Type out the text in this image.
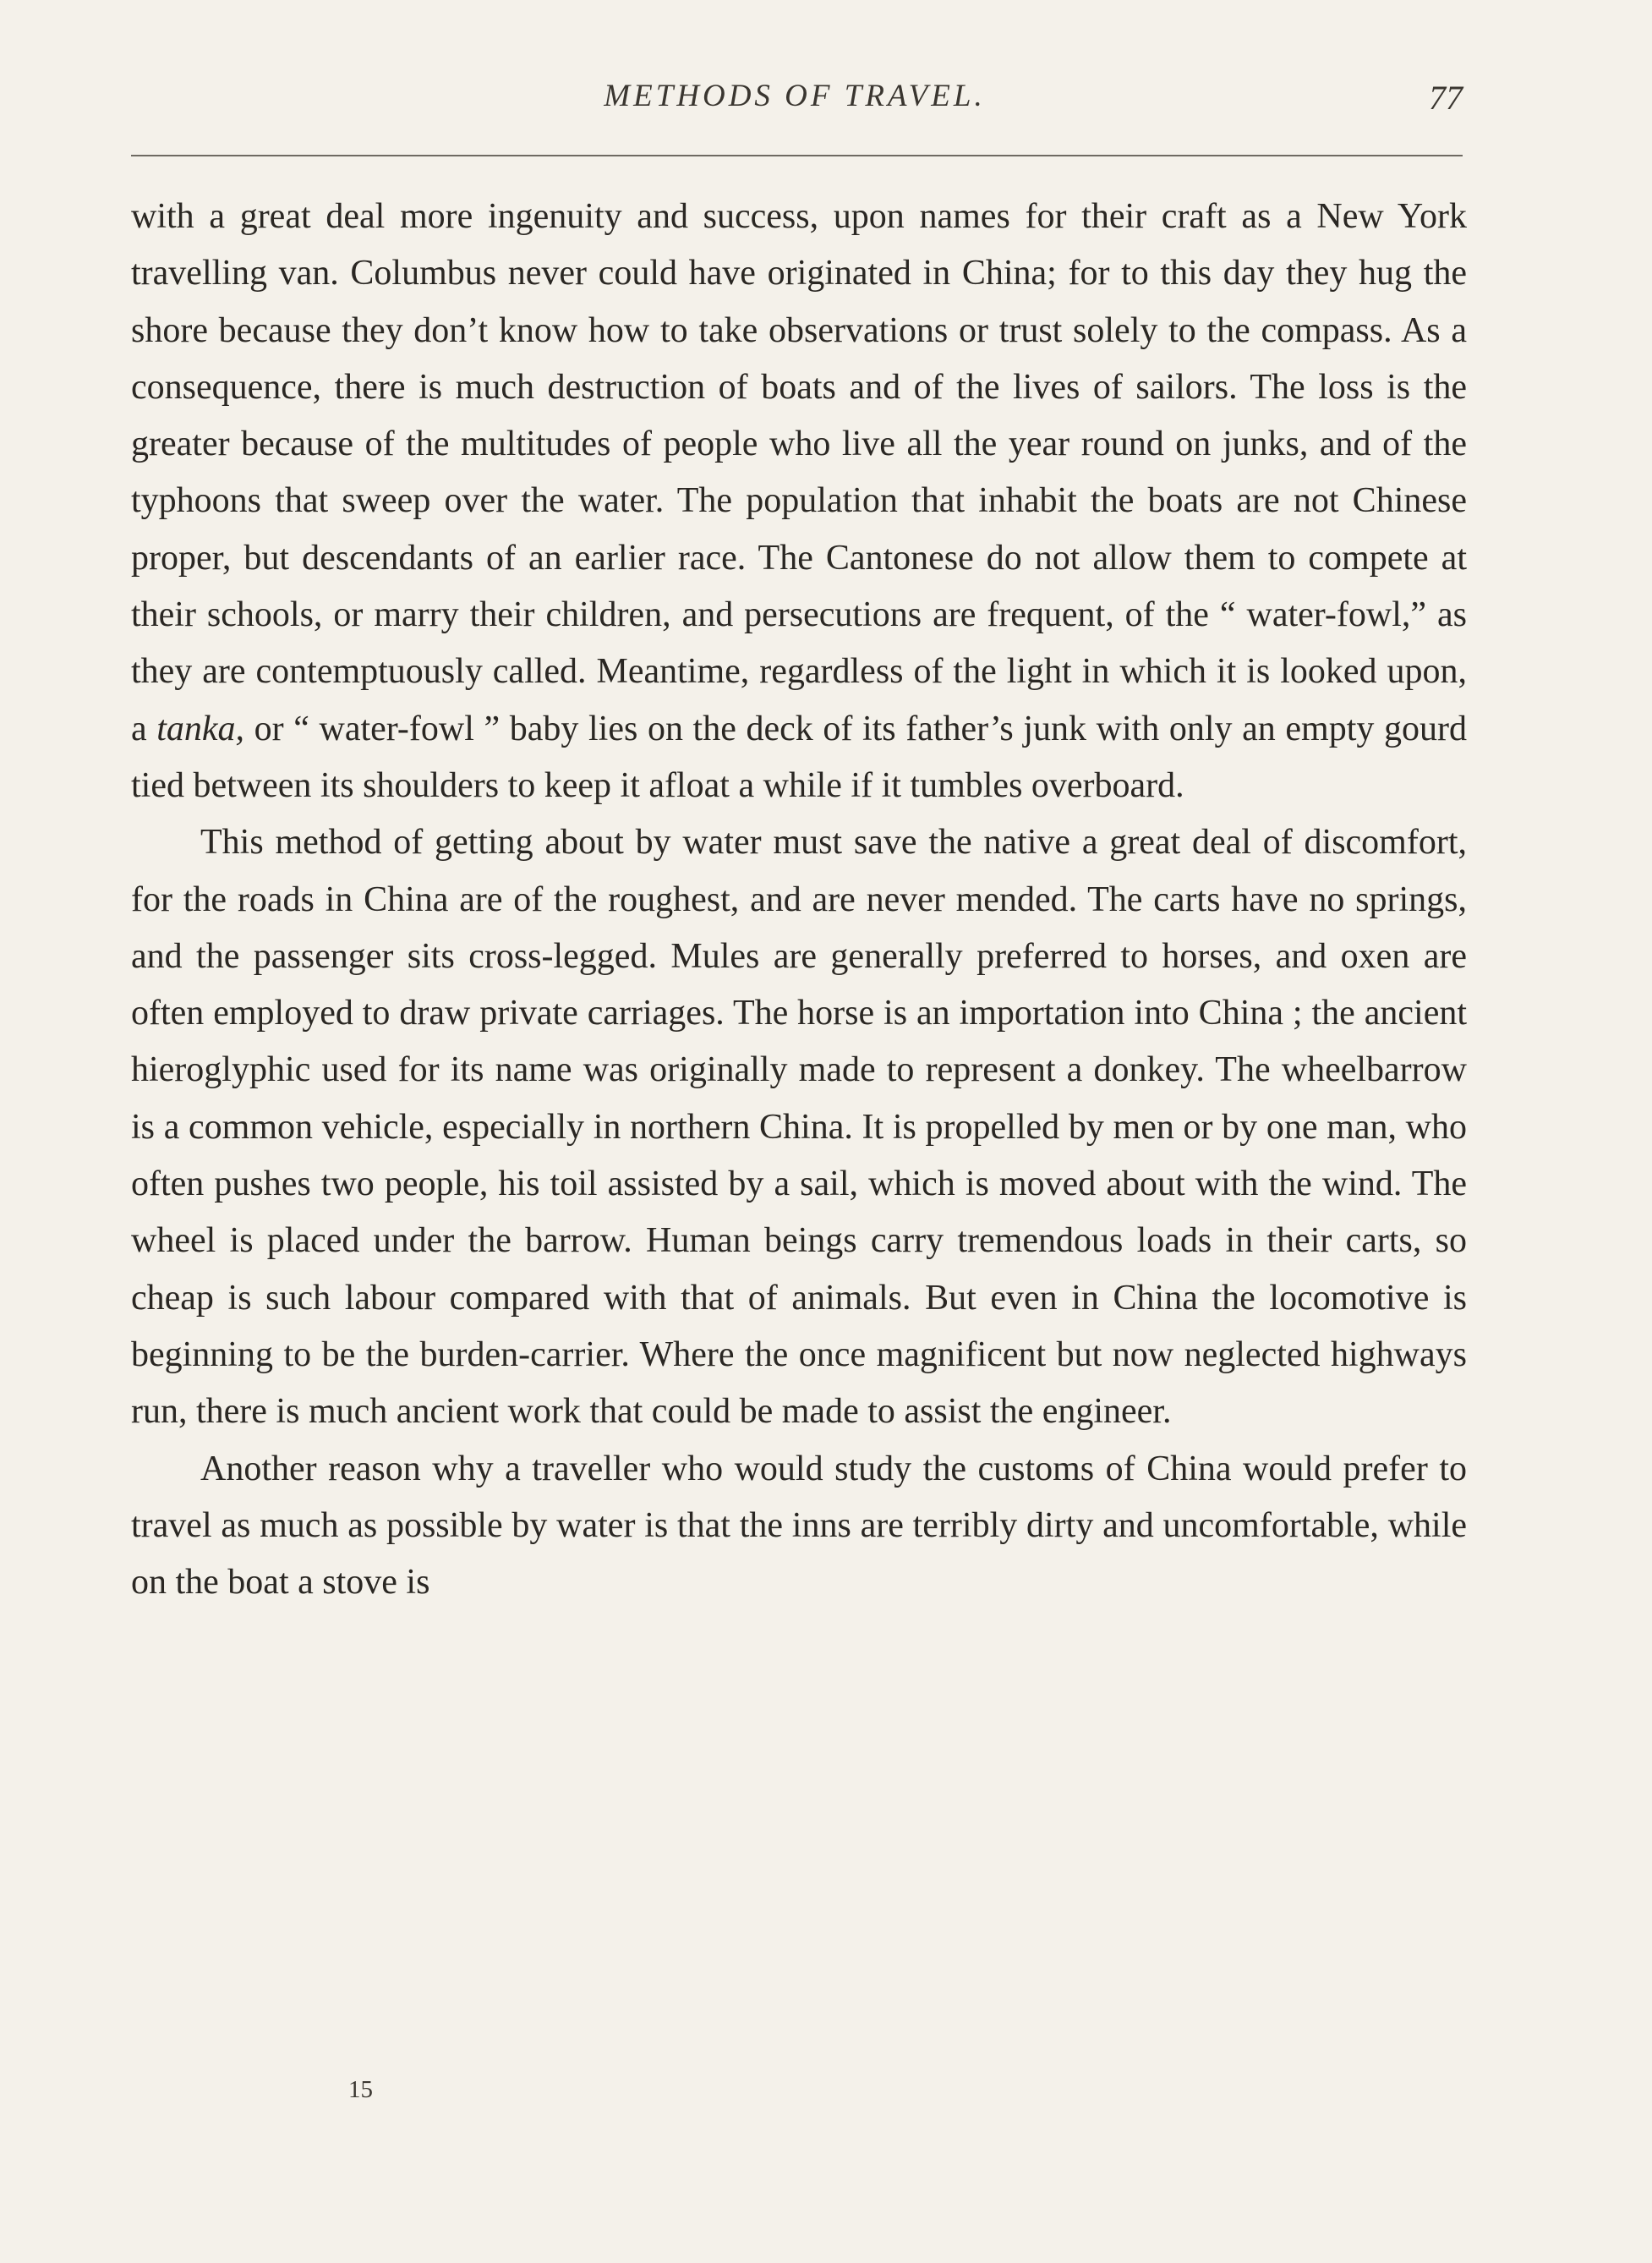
METHODS OF TRAVEL.	77

with a great deal more ingenuity and success, upon names for their craft as a New York travelling van. Columbus never could have originated in China; for to this day they hug the shore because they don’t know how to take observations or trust solely to the compass. As a consequence, there is much destruction of boats and of the lives of sailors. The loss is the greater because of the multitudes of people who live all the year round on junks, and of the typhoons that sweep over the water. The population that inhabit the boats are not Chinese proper, but descendants of an earlier race. The Cantonese do not allow them to compete at their schools, or marry their children, and persecutions are frequent, of the “ water-fowl,” as they are contemptuously called. Meantime, regardless of the light in which it is looked upon, a tanka, or “ water-fowl ” baby lies on the deck of its father’s junk with only an empty gourd tied between its shoulders to keep it afloat a while if it tumbles overboard.

This method of getting about by water must save the native a great deal of discomfort, for the roads in China are of the roughest, and are never mended. The carts have no springs, and the passenger sits cross-legged. Mules are generally preferred to horses, and oxen are often employed to draw private carriages. The horse is an importation into China ; the ancient hieroglyphic used for its name was originally made to represent a donkey. The wheelbarrow is a common vehicle, especially in northern China. It is propelled by men or by one man, who often pushes two people, his toil assisted by a sail, which is moved about with the wind. The wheel is placed under the barrow. Human beings carry tremendous loads in their carts, so cheap is such labour compared with that of animals. But even in China the locomotive is beginning to be the burden-carrier. Where the once magnificent but now neglected highways run, there is much ancient work that could be made to assist the engineer.

Another reason why a traveller who would study the customs of China would prefer to travel as much as possible by water is that the inns are terribly dirty and uncomfortable, while on the boat a stove is

15
